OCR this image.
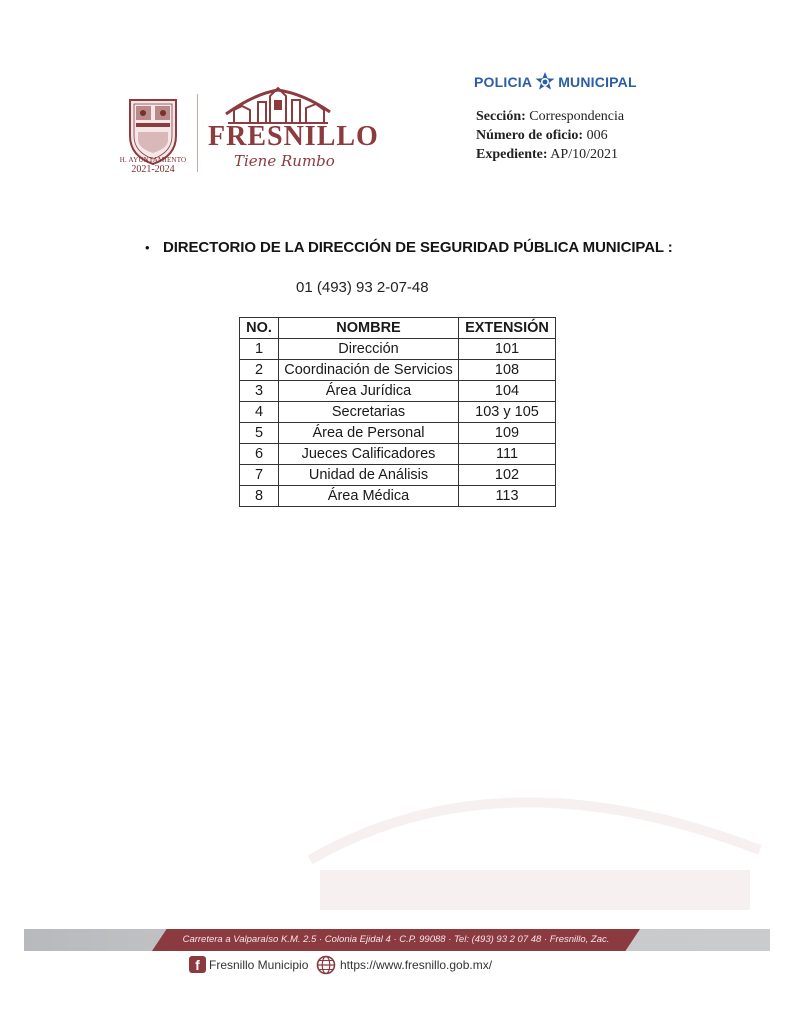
H. AYUNTAMIENTO
2021-2024
FRESNILLO
Tiene Rumbo
POLICIA MUNICIPAL
Sección: Correspondencia
Número de oficio: 006
Expediente: AP/10/2021
• DIRECTORIO DE LA DIRECCIÓN DE SEGURIDAD PÚBLICA MUNICIPAL :
01 (493) 93 2-07-48
NO.	NOMBRE	EXTENSIÓN
1	Dirección	101
2	Coordinación de Servicios	108
3	Área Jurídica	104
4	Secretarias	103 y 105
5	Área de Personal	109
6	Jueces Calificadores	111
7	Unidad de Análisis	102
8	Área Médica	113
Carretera a Valparaíso K.M. 2.5 · Colonia Ejidal 4 · C.P. 99088 · Tel: (493) 93 2 07 48 · Fresnillo, Zac.
f Fresnillo Municipio	https://www.fresnillo.gob.mx/
